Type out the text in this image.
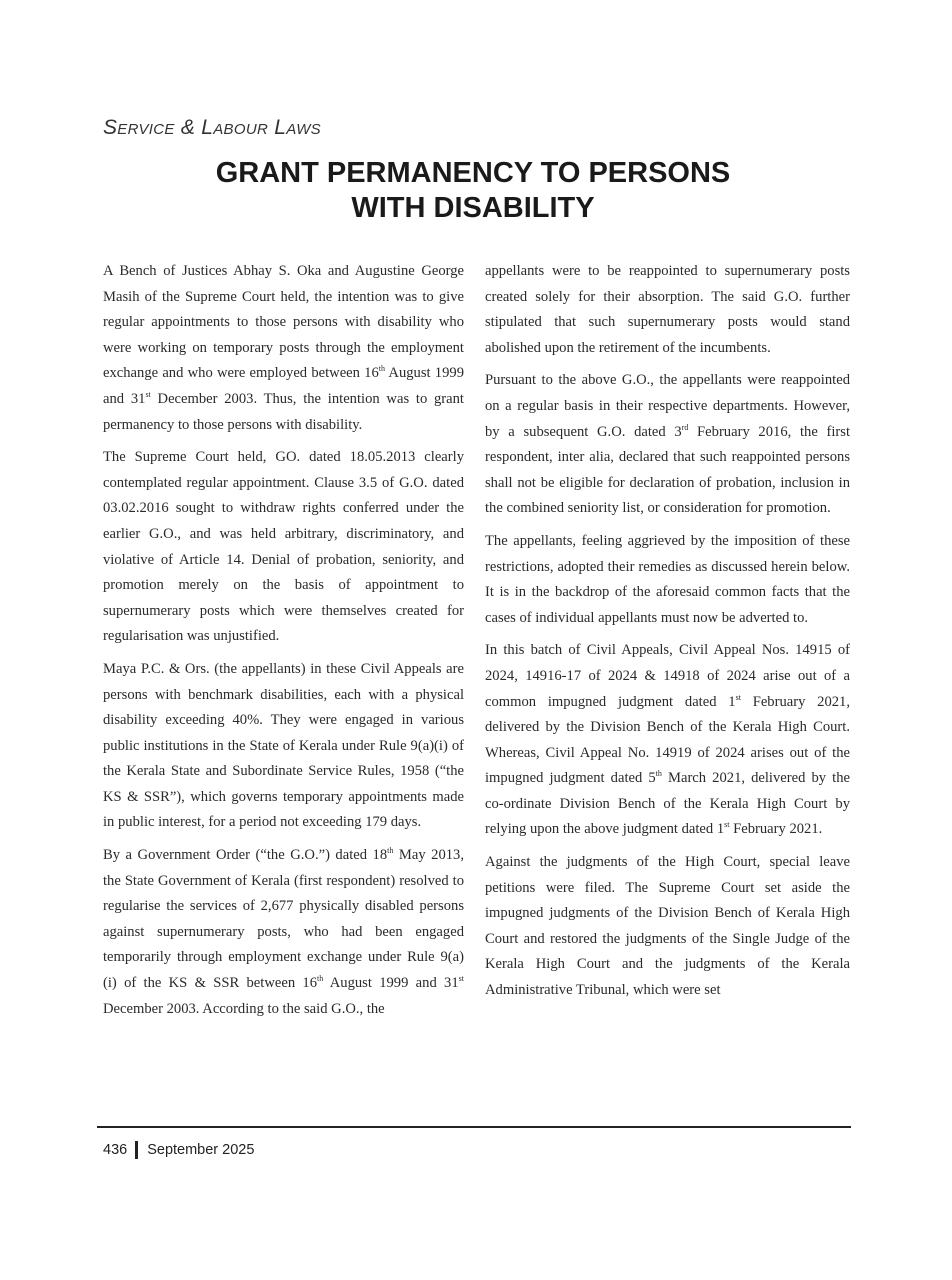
Service & Labour Laws
GRANT PERMANENCY TO PERSONS
WITH DISABILITY

A Bench of Justices Abhay S. Oka and Augustine George Masih of the Supreme Court held, the intention was to give regular appointments to those persons with disability who were working on temporary posts through the employment exchange and who were employed between 16th August 1999 and 31st December 2003. Thus, the intention was to grant permanency to those persons with disability.

The Supreme Court held, GO. dated 18.05.2013 clearly contemplated regular appointment. Clause 3.5 of G.O. dated 03.02.2016 sought to withdraw rights conferred under the earlier G.O., and was held arbitrary, discriminatory, and violative of Article 14. Denial of probation, seniority, and promotion merely on the basis of appointment to supernumerary posts which were themselves created for regularisation was unjustified.

Maya P.C. & Ors. (the appellants) in these Civil Appeals are persons with benchmark disabilities, each with a physical disability exceeding 40%. They were engaged in various public institutions in the State of Kerala under Rule 9(a)(i) of the Kerala State and Subordinate Service Rules, 1958 (“the KS & SSR”), which governs temporary appointments made in public interest, for a period not exceeding 179 days.

By a Government Order (“the G.O.”) dated 18th May 2013, the State Government of Kerala (first respondent) resolved to regularise the services of 2,677 physically disabled persons against supernumerary posts, who had been engaged temporarily through employment exchange under Rule 9(a)(i) of the KS & SSR between 16th August 1999 and 31st December 2003. According to the said G.O., the

appellants were to be reappointed to supernumerary posts created solely for their absorption. The said G.O. further stipulated that such supernumerary posts would stand abolished upon the retirement of the incumbents.

Pursuant to the above G.O., the appellants were reappointed on a regular basis in their respective departments. However, by a subsequent G.O. dated 3rd February 2016, the first respondent, inter alia, declared that such reappointed persons shall not be eligible for declaration of probation, inclusion in the combined seniority list, or consideration for promotion.

The appellants, feeling aggrieved by the imposition of these restrictions, adopted their remedies as discussed herein below. It is in the backdrop of the aforesaid common facts that the cases of individual appellants must now be adverted to.

In this batch of Civil Appeals, Civil Appeal Nos. 14915 of 2024, 14916-17 of 2024 & 14918 of 2024 arise out of a common impugned judgment dated 1st February 2021, delivered by the Division Bench of the Kerala High Court. Whereas, Civil Appeal No. 14919 of 2024 arises out of the impugned judgment dated 5th March 2021, delivered by the co-ordinate Division Bench of the Kerala High Court by relying upon the above judgment dated 1st February 2021.

Against the judgments of the High Court, special leave petitions were filed. The Supreme Court set aside the impugned judgments of the Division Bench of Kerala High Court and restored the judgments of the Single Judge of the Kerala High Court and the judgments of the Kerala Administrative Tribunal, which were set

436 September 2025
